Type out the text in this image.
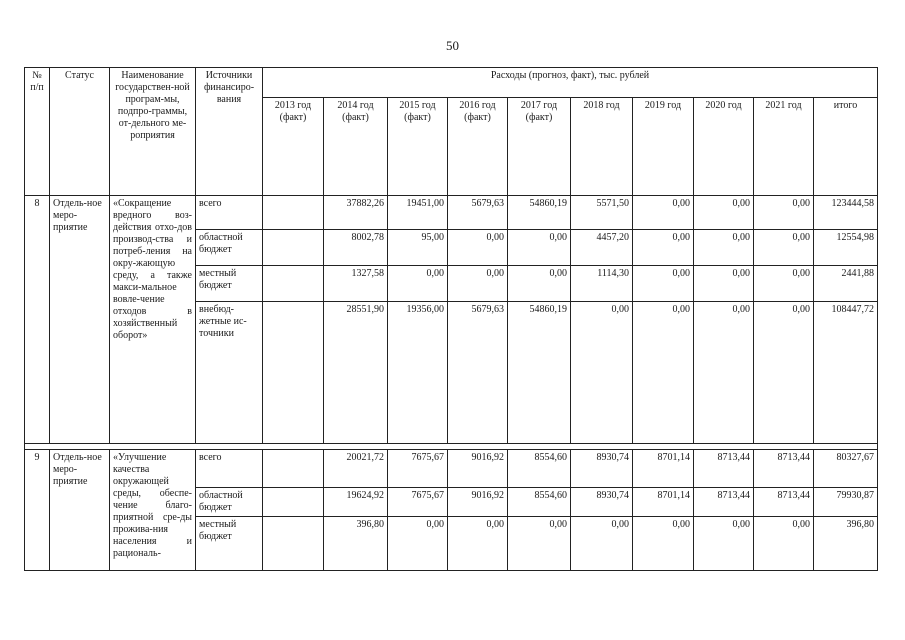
50
№ п/п	Статус	Наименование государствен-ной програм-мы, подпро-граммы, от-дельного ме-роприятия	Источники финансиро-вания	Расходы (прогноз, факт), тыс. рублей									
				2013 год (факт)	2014 год (факт)	2015 год (факт)	2016 год (факт)	2017 год (факт)	2018 год	2019 год	2020 год	2021 год	итого
8	Отдель-ное меро-приятие	«Сокращение вредного воз-действия отхо-дов производ-ства и потреб-ления на окру-жающую среду, а также макси-мальное вовле-чение отходов в хозяйственный оборот»	всего		37882,26	19451,00	5679,63	54860,19	5571,50	0,00	0,00	0,00	123444,58
			областной бюджет		8002,78	95,00	0,00	0,00	4457,20	0,00	0,00	0,00	12554,98
			местный бюджет		1327,58	0,00	0,00	0,00	1114,30	0,00	0,00	0,00	2441,88
			внебюд-жетные ис-точники		28551,90	19356,00	5679,63	54860,19	0,00	0,00	0,00	0,00	108447,72

9	Отдель-ное меро-приятие	«Улучшение качества окружающей среды, обеспе-чение благо-приятной сре-ды прожива-ния населения и рациональ-	всего		20021,72	7675,67	9016,92	8554,60	8930,74	8701,14	8713,44	8713,44	80327,67
			областной бюджет		19624,92	7675,67	9016,92	8554,60	8930,74	8701,14	8713,44	8713,44	79930,87
			местный бюджет		396,80	0,00	0,00	0,00	0,00	0,00	0,00	0,00	396,80
